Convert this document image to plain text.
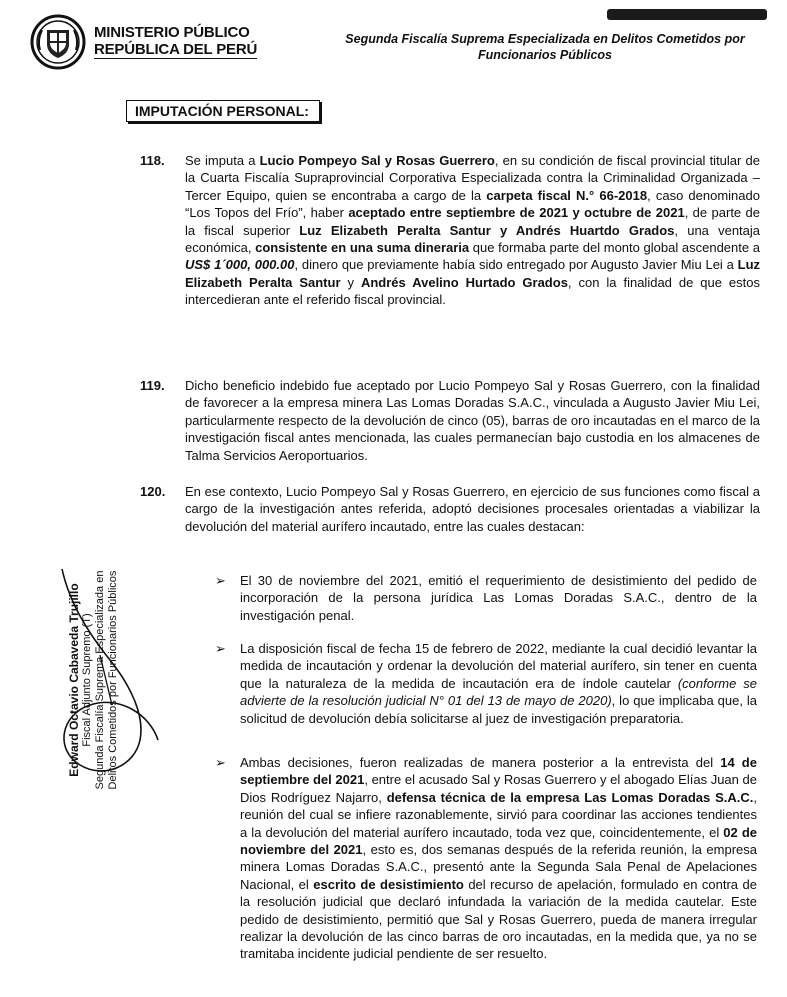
MINISTERIO PÚBLICO
REPÚBLICA DEL PERÚ
Segunda Fiscalía Suprema Especializada en Delitos Cometidos por
Funcionarios Públicos
IMPUTACIÓN PERSONAL:
118. Se imputa a Lucio Pompeyo Sal y Rosas Guerrero, en su condición de fiscal provincial titular de la Cuarta Fiscalía Supraprovincial Corporativa Especializada contra la Criminalidad Organizada – Tercer Equipo, quien se encontraba a cargo de la carpeta fiscal N.° 66-2018, caso denominado “Los Topos del Frío”, haber aceptado entre septiembre de 2021 y octubre de 2021, de parte de la fiscal superior Luz Elizabeth Peralta Santur y Andrés Huartdo Grados, una ventaja económica, consistente en una suma dineraria que formaba parte del monto global ascendente a US$ 1´000, 000.00, dinero que previamente había sido entregado por Augusto Javier Miu Lei a Luz Elizabeth Peralta Santur y Andrés Avelino Hurtado Grados, con la finalidad de que estos intercedieran ante el referido fiscal provincial.
119. Dicho beneficio indebido fue aceptado por Lucio Pompeyo Sal y Rosas Guerrero, con la finalidad de favorecer a la empresa minera Las Lomas Doradas S.A.C., vinculada a Augusto Javier Miu Lei, particularmente respecto de la devolución de cinco (05), barras de oro incautadas en el marco de la investigación fiscal antes mencionada, las cuales permanecían bajo custodia en los almacenes de Talma Servicios Aeroportuarios.
120. En ese contexto, Lucio Pompeyo Sal y Rosas Guerrero, en ejercicio de sus funciones como fiscal a cargo de la investigación antes referida, adoptó decisiones procesales orientadas a viabilizar la devolución del material aurífero incautado, entre las cuales destacan:
➢ El 30 de noviembre del 2021, emitió el requerimiento de desistimiento del pedido de incorporación de la persona jurídica Las Lomas Doradas S.A.C., dentro de la investigación penal.
➢ La disposición fiscal de fecha 15 de febrero de 2022, mediante la cual decidió levantar la medida de incautación y ordenar la devolución del material aurífero, sin tener en cuenta que la naturaleza de la medida de incautación era de índole cautelar (conforme se advierte de la resolución judicial N° 01 del 13 de mayo de 2020), lo que implicaba que, la solicitud de devolución debía solicitarse al juez de investigación preparatoria.
➢ Ambas decisiones, fueron realizadas de manera posterior a la entrevista del 14 de septiembre del 2021, entre el acusado Sal y Rosas Guerrero y el abogado Elías Juan de Dios Rodríguez Najarro, defensa técnica de la empresa Las Lomas Doradas S.A.C., reunión del cual se infiere razonablemente, sirvió para coordinar las acciones tendientes a la devolución del material aurífero incautado, toda vez que, coincidentemente, el 02 de noviembre del 2021, esto es, dos semanas después de la referida reunión, la empresa minera Lomas Doradas S.A.C., presentó ante la Segunda Sala Penal de Apelaciones Nacional, el escrito de desistimiento del recurso de apelación, formulado en contra de la resolución judicial que declaró infundada la variación de la medida cautelar. Este pedido de desistimiento, permitió que Sal y Rosas Guerrero, pueda de manera irregular realizar la devolución de las cinco barras de oro incautadas, en la medida que, ya no se tramitaba incidente judicial pendiente de ser resuelto.
Edward Octavio Cabaveda Trujillo Fiscal Adjunto Supremo (T) Segunda Fiscalía Suprema Especializada en Delitos Cometidos por Funcionarios Públicos
